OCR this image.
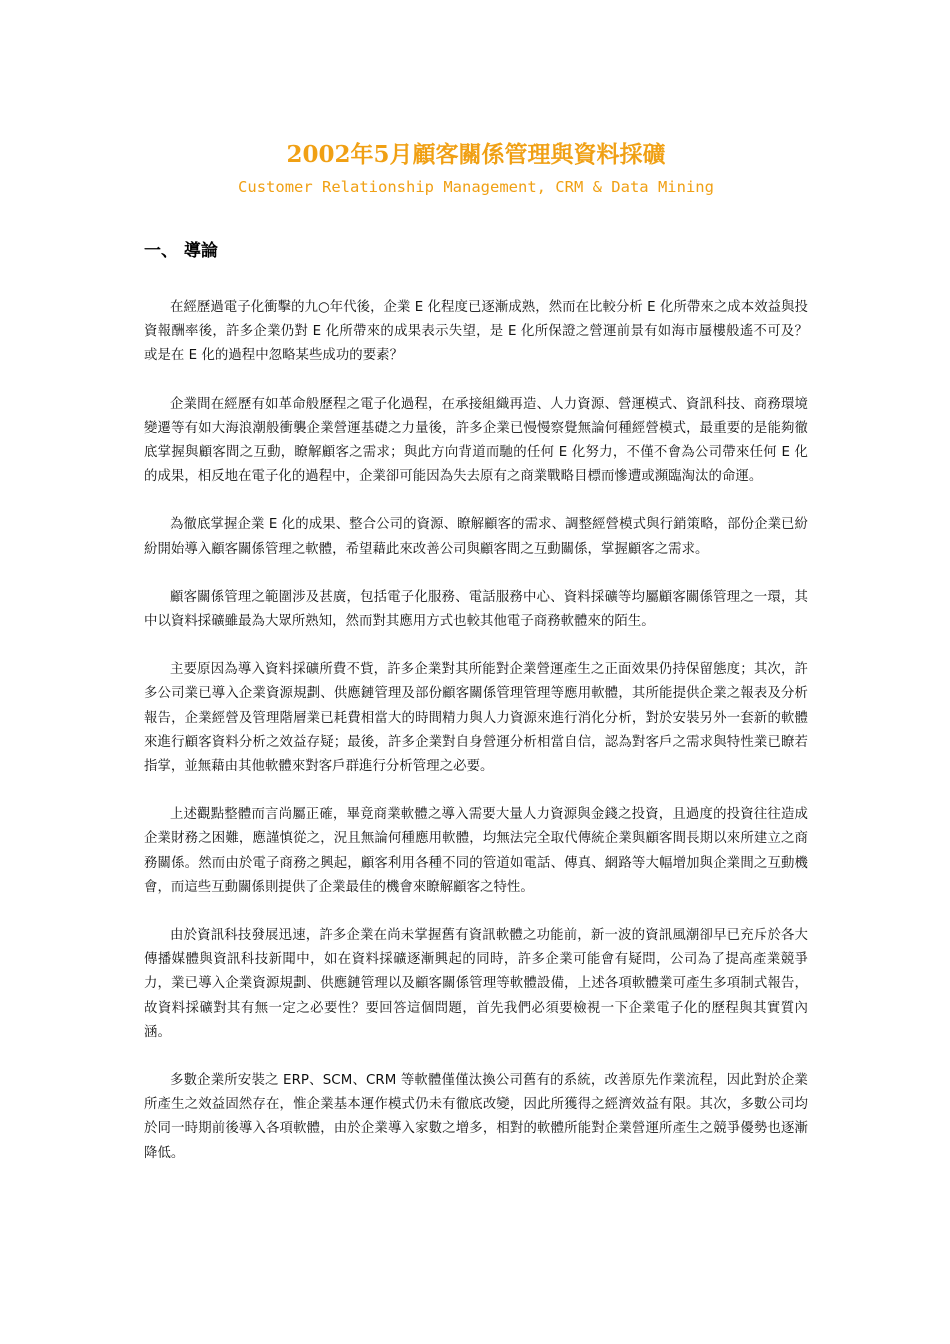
2002年5月顧客關係管理與資料採礦
Customer Relationship Management, CRM & Data Mining
一、 導論

在經歷過電子化衝擊的九○年代後，企業 E 化程度已逐漸成熟，然而在比較分析 E 化所帶來之成本效益與投資報酬率後，許多企業仍對 E 化所帶來的成果表示失望，是 E 化所保證之營運前景有如海市蜃樓般遙不可及？或是在 E 化的過程中忽略某些成功的要素？

企業間在經歷有如革命般歷程之電子化過程，在承接組織再造、人力資源、營運模式、資訊科技、商務環境變遷等有如大海浪潮般衝襲企業營運基礎之力量後，許多企業已慢慢察覺無論何種經營模式，最重要的是能夠徹底掌握與顧客間之互動，瞭解顧客之需求；與此方向背道而馳的任何 E 化努力，不僅不會為公司帶來任何 E 化的成果，相反地在電子化的過程中，企業卻可能因為失去原有之商業戰略目標而慘遭或瀕臨淘汰的命運。

為徹底掌握企業 E 化的成果、整合公司的資源、瞭解顧客的需求、調整經營模式與行銷策略，部份企業已紛紛開始導入顧客關係管理之軟體，希望藉此來改善公司與顧客間之互動關係，掌握顧客之需求。

顧客關係管理之範圍涉及甚廣，包括電子化服務、電話服務中心、資料採礦等均屬顧客關係管理之一環，其中以資料採礦雖最為大眾所熟知，然而對其應用方式也較其他電子商務軟體來的陌生。

主要原因為導入資料採礦所費不貲，許多企業對其所能對企業營運產生之正面效果仍持保留態度；其次，許多公司業已導入企業資源規劃、供應鏈管理及部份顧客關係管理管理等應用軟體，其所能提供企業之報表及分析報告，企業經營及管理階層業已耗費相當大的時間精力與人力資源來進行消化分析，對於安裝另外一套新的軟體來進行顧客資料分析之效益存疑；最後，許多企業對自身營運分析相當自信，認為對客戶之需求與特性業已瞭若指掌，並無藉由其他軟體來對客戶群進行分析管理之必要。

上述觀點整體而言尚屬正確，畢竟商業軟體之導入需要大量人力資源與金錢之投資，且過度的投資往往造成企業財務之困難，應謹慎從之，況且無論何種應用軟體，均無法完全取代傳統企業與顧客間長期以來所建立之商務關係。然而由於電子商務之興起，顧客利用各種不同的管道如電話、傳真、網路等大幅增加與企業間之互動機會，而這些互動關係則提供了企業最佳的機會來瞭解顧客之特性。

由於資訊科技發展迅速，許多企業在尚未掌握舊有資訊軟體之功能前，新一波的資訊風潮卻早已充斥於各大傳播媒體與資訊科技新聞中，如在資料採礦逐漸興起的同時，許多企業可能會有疑問，公司為了提高產業競爭力，業已導入企業資源規劃、供應鏈管理以及顧客關係管理等軟體設備，上述各項軟體業可產生多項制式報告，故資料採礦對其有無一定之必要性？要回答這個問題，首先我們必須要檢視一下企業電子化的歷程與其實質內涵。

多數企業所安裝之 ERP、SCM、CRM 等軟體僅僅汰換公司舊有的系統，改善原先作業流程，因此對於企業所產生之效益固然存在，惟企業基本運作模式仍未有徹底改變，因此所獲得之經濟效益有限。其次，多數公司均於同一時期前後導入各項軟體，由於企業導入家數之增多，相對的軟體所能對企業營運所產生之競爭優勢也逐漸降低。
